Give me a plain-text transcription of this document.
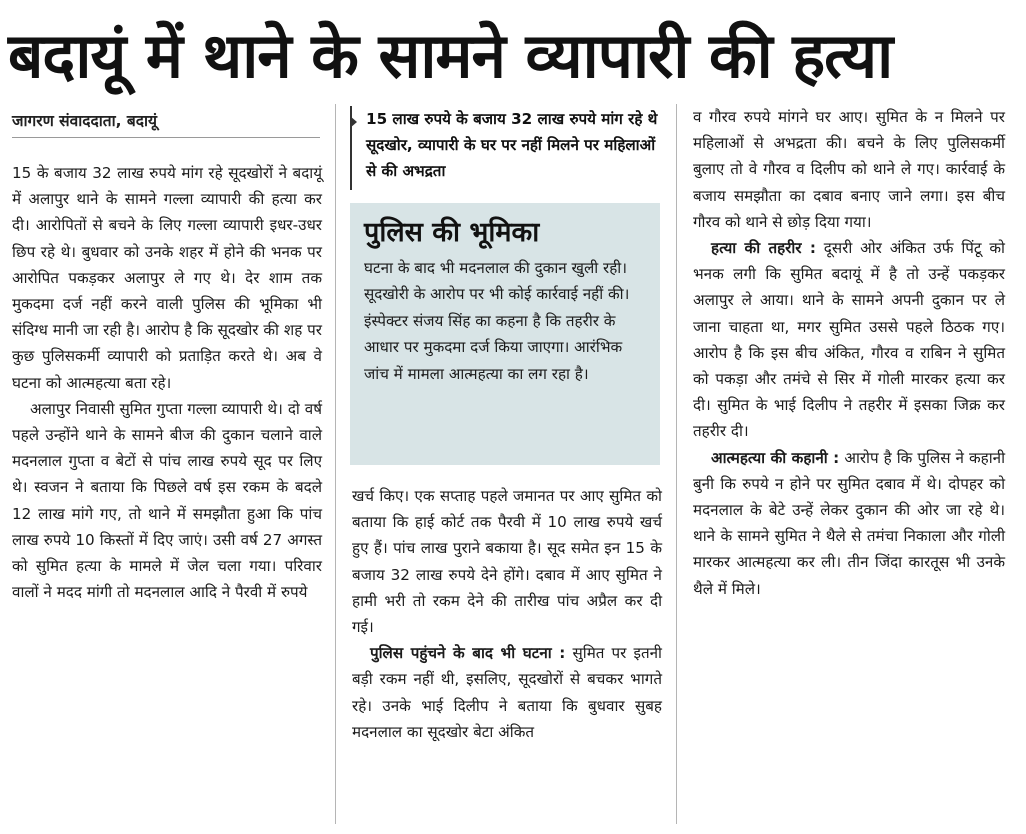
बदायूं में थाने के सामने व्यापारी की हत्या
जागरण संवाददाता, बदायूं

15 के बजाय 32 लाख रुपये मांग रहे सूदखोरों ने बदायूं में अलापुर थाने के सामने गल्ला व्यापारी की हत्या कर दी। आरोपितों से बचने के लिए गल्ला व्यापारी इधर-उधर छिप रहे थे। बुधवार को उनके शहर में होने की भनक पर आरोपित पकड़कर अलापुर ले गए थे। देर शाम तक मुकदमा दर्ज नहीं करने वाली पुलिस की भूमिका भी संदिग्ध मानी जा रही है। आरोप है कि सूदखोर की शह पर कुछ पुलिसकर्मी व्यापारी को प्रताड़ित करते थे। अब वे घटना को आत्महत्या बता रहे।

अलापुर निवासी सुमित गुप्ता गल्ला व्यापारी थे। दो वर्ष पहले उन्होंने थाने के सामने बीज की दुकान चलाने वाले मदनलाल गुप्ता व बेटों से पांच लाख रुपये सूद पर लिए थे। स्वजन ने बताया कि पिछले वर्ष इस रकम के बदले 12 लाख मांगे गए, तो थाने में समझौता हुआ कि पांच लाख रुपये 10 किस्तों में दिए जाएं। उसी वर्ष 27 अगस्त को सुमित हत्या के मामले में जेल चला गया। परिवार वालों ने मदद मांगी तो मदनलाल आदि ने पैरवी में रुपये

15 लाख रुपये के बजाय 32 लाख रुपये मांग रहे थे सूदखोर, व्यापारी के घर पर नहीं मिलने पर महिलाओं से की अभद्रता
पुलिस की भूमिका
घटना के बाद भी मदनलाल की दुकान खुली रही। सूदखोरी के आरोप पर भी कोई कार्रवाई नहीं की। इंस्पेक्टर संजय सिंह का कहना है कि तहरीर के आधार पर मुकदमा दर्ज किया जाएगा। आरंभिक जांच में मामला आत्महत्या का लग रहा है।

खर्च किए। एक सप्ताह पहले जमानत पर आए सुमित को बताया कि हाई कोर्ट तक पैरवी में 10 लाख रुपये खर्च हुए हैं। पांच लाख पुराने बकाया है। सूद समेत इन 15 के बजाय 32 लाख रुपये देने होंगे। दबाव में आए सुमित ने हामी भरी तो रकम देने की तारीख पांच अप्रैल कर दी गई।

पुलिस पहुंचने के बाद भी घटना : सुमित पर इतनी बड़ी रकम नहीं थी, इसलिए, सूदखोरों से बचकर भागते रहे। उनके भाई दिलीप ने बताया कि बुधवार सुबह मदनलाल का सूदखोर बेटा अंकित

व गौरव रुपये मांगने घर आए। सुमित के न मिलने पर महिलाओं से अभद्रता की। बचने के लिए पुलिसकर्मी बुलाए तो वे गौरव व दिलीप को थाने ले गए। कार्रवाई के बजाय समझौता का दबाव बनाए जाने लगा। इस बीच गौरव को थाने से छोड़ दिया गया।

हत्या की तहरीर : दूसरी ओर अंकित उर्फ पिंटू को भनक लगी कि सुमित बदायूं में है तो उन्हें पकड़कर अलापुर ले आया। थाने के सामने अपनी दुकान पर ले जाना चाहता था, मगर सुमित उससे पहले ठिठक गए। आरोप है कि इस बीच अंकित, गौरव व राबिन ने सुमित को पकड़ा और तमंचे से सिर में गोली मारकर हत्या कर दी। सुमित के भाई दिलीप ने तहरीर में इसका जिक्र कर तहरीर दी।

आत्महत्या की कहानी : आरोप है कि पुलिस ने कहानी बुनी कि रुपये न होने पर सुमित दबाव में थे। दोपहर को मदनलाल के बेटे उन्हें लेकर दुकान की ओर जा रहे थे। थाने के सामने सुमित ने थैले से तमंचा निकाला और गोली मारकर आत्महत्या कर ली। तीन जिंदा कारतूस भी उनके थैले में मिले।
